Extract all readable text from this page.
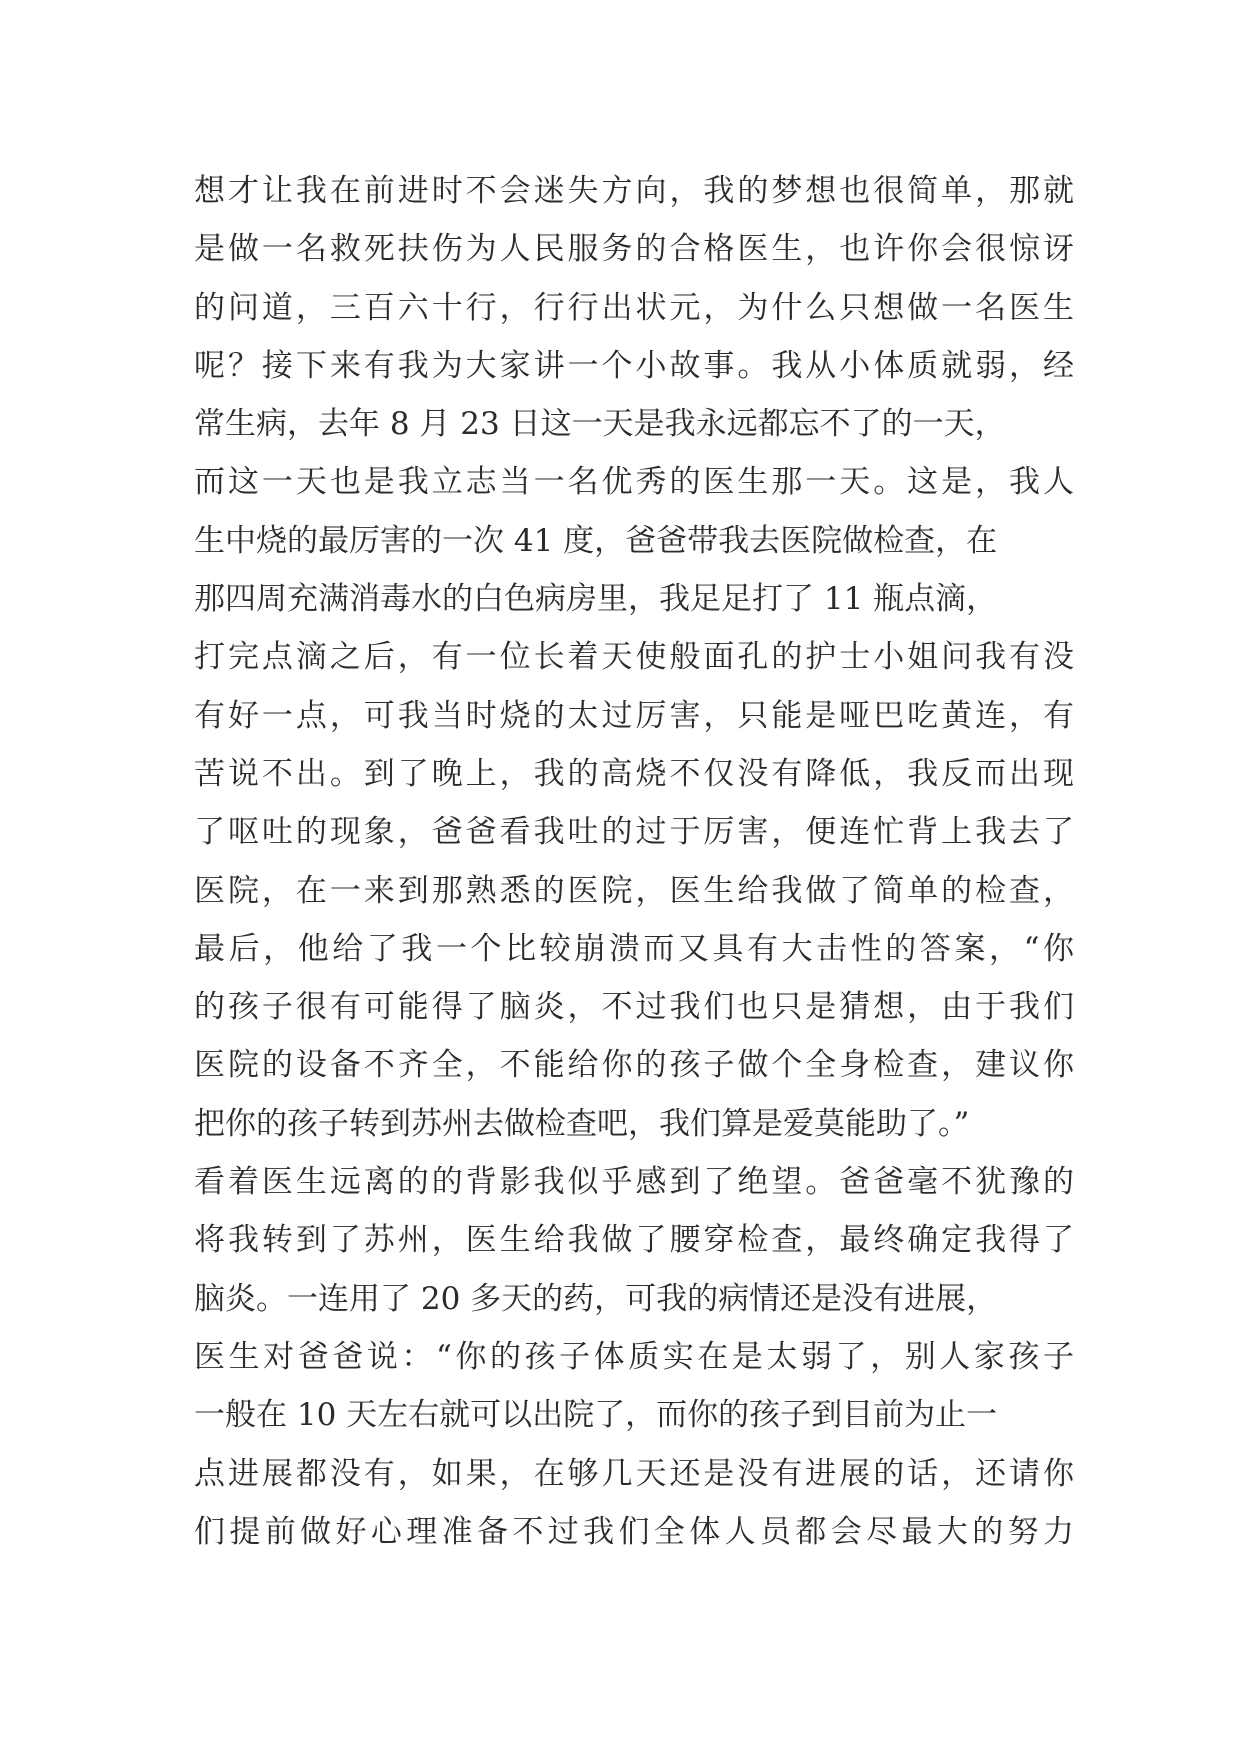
想才让我在前进时不会迷失方向，我的梦想也很简单，那就
是做一名救死扶伤为人民服务的合格医生，也许你会很惊讶
的问道，三百六十行，行行出状元，为什么只想做一名医生
呢？接下来有我为大家讲一个小故事。我从小体质就弱，经
常生病，去年 8 月 23 日这一天是我永远都忘不了的一天，
而这一天也是我立志当一名优秀的医生那一天。这是，我人
生中烧的最厉害的一次 41 度，爸爸带我去医院做检查，在
那四周充满消毒水的白色病房里，我足足打了 11 瓶点滴，
打完点滴之后，有一位长着天使般面孔的护士小姐问我有没
有好一点，可我当时烧的太过厉害，只能是哑巴吃黄连，有
苦说不出。到了晚上，我的高烧不仅没有降低，我反而出现
了呕吐的现象，爸爸看我吐的过于厉害，便连忙背上我去了
医院，在一来到那熟悉的医院，医生给我做了简单的检查，
最后，他给了我一个比较崩溃而又具有大击性的答案，“你
的孩子很有可能得了脑炎，不过我们也只是猜想，由于我们
医院的设备不齐全，不能给你的孩子做个全身检查，建议你
把你的孩子转到苏州去做检查吧，我们算是爱莫能助了。”
看着医生远离的的背影我似乎感到了绝望。爸爸毫不犹豫的
将我转到了苏州，医生给我做了腰穿检查，最终确定我得了
脑炎。一连用了 20 多天的药，可我的病情还是没有进展，
医生对爸爸说：“你的孩子体质实在是太弱了，别人家孩子
一般在 10 天左右就可以出院了，而你的孩子到目前为止一
点进展都没有，如果，在够几天还是没有进展的话，还请你
们提前做好心理准备不过我们全体人员都会尽最大的努力
